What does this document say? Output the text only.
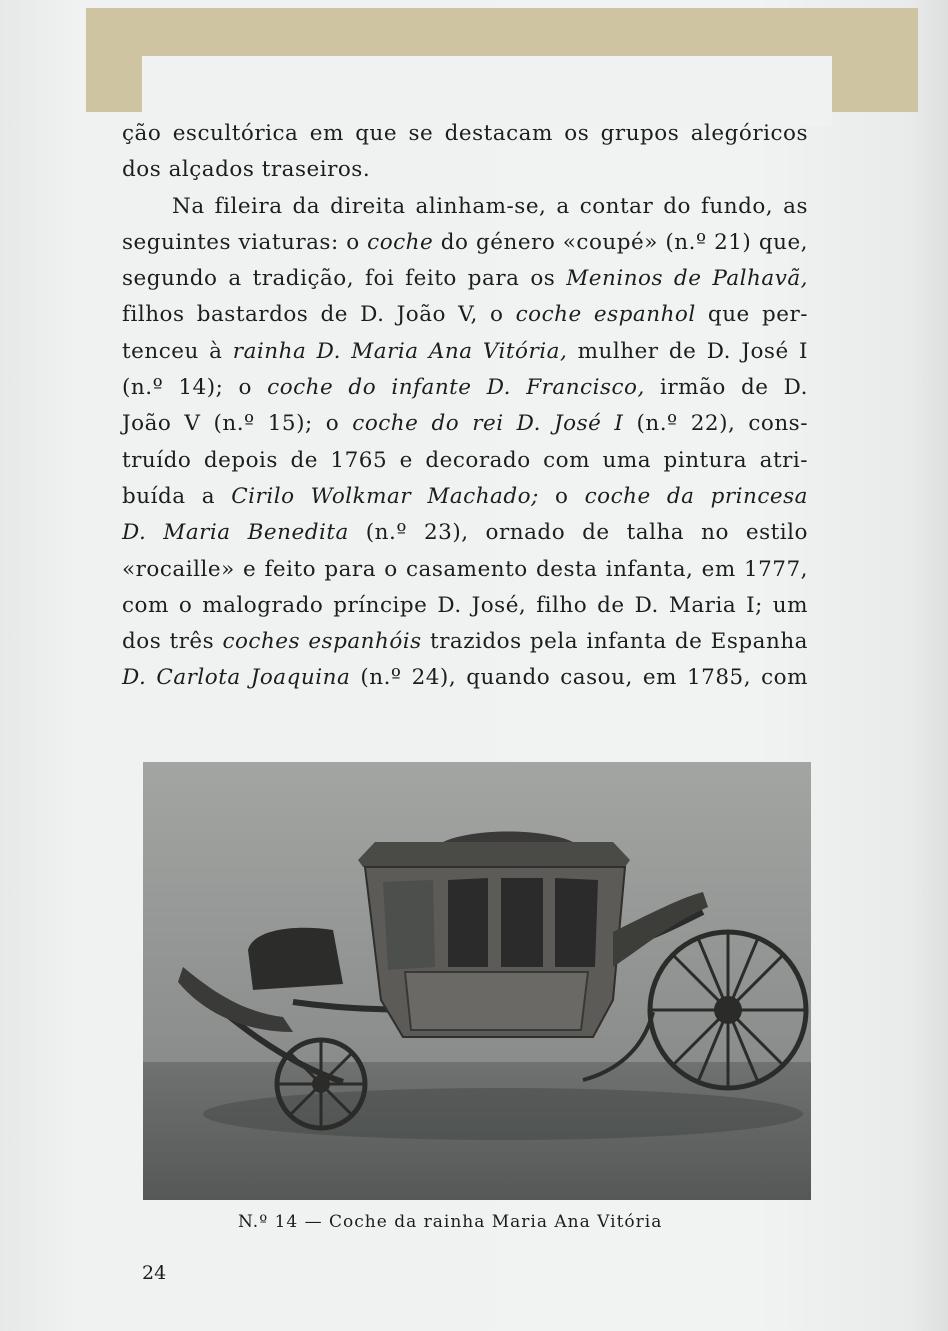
ção escultórica em que se destacam os grupos alegóricos
dos alçados traseiros.
Na fileira da direita alinham-se, a contar do fundo, as
seguintes viaturas: o coche do género «coupé» (n.º 21) que,
segundo a tradição, foi feito para os Meninos de Palhavã,
filhos bastardos de D. João V, o coche espanhol que per-
tenceu à rainha D. Maria Ana Vitória, mulher de D. José I
(n.º 14); o coche do infante D. Francisco, irmão de D.
João V (n.º 15); o coche do rei D. José I (n.º 22), cons-
truído depois de 1765 e decorado com uma pintura atri-
buída a Cirilo Wolkmar Machado; o coche da princesa
D. Maria Benedita (n.º 23), ornado de talha no estilo
«rocaille» e feito para o casamento desta infanta, em 1777,
com o malogrado príncipe D. José, filho de D. Maria I; um
dos três coches espanhóis trazidos pela infanta de Espanha
D. Carlota Joaquina (n.º 24), quando casou, em 1785, com
N.º 14 — Coche da rainha Maria Ana Vitória
24
